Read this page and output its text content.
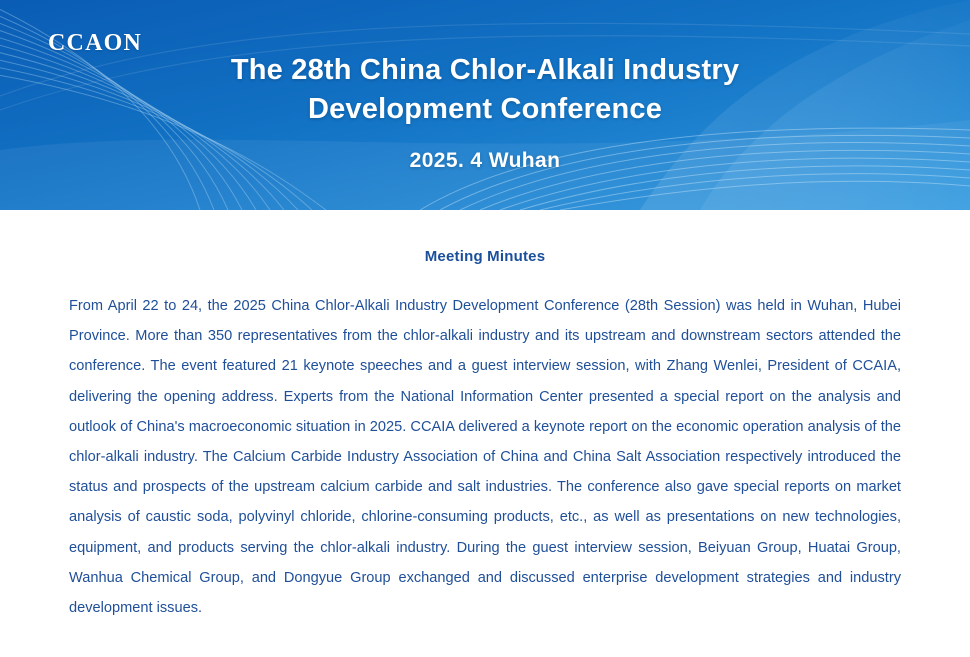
CCAON
The 28th China Chlor-Alkali Industry Development Conference
2025. 4 Wuhan
Meeting Minutes

From April 22 to 24, the 2025 China Chlor-Alkali Industry Development Conference (28th Session) was held in Wuhan, Hubei Province. More than 350 representatives from the chlor-alkali industry and its upstream and downstream sectors attended the conference. The event featured 21 keynote speeches and a guest interview session, with Zhang Wenlei, President of CCAIA, delivering the opening address. Experts from the National Information Center presented a special report on the analysis and outlook of China's macroeconomic situation in 2025. CCAIA delivered a keynote report on the economic operation analysis of the chlor-alkali industry. The Calcium Carbide Industry Association of China and China Salt Association respectively introduced the status and prospects of the upstream calcium carbide and salt industries. The conference also gave special reports on market analysis of caustic soda, polyvinyl chloride, chlorine-consuming products, etc., as well as presentations on new technologies, equipment, and products serving the chlor-alkali industry. During the guest interview session, Beiyuan Group, Huatai Group, Wanhua Chemical Group, and Dongyue Group exchanged and discussed enterprise development strategies and industry development issues.
